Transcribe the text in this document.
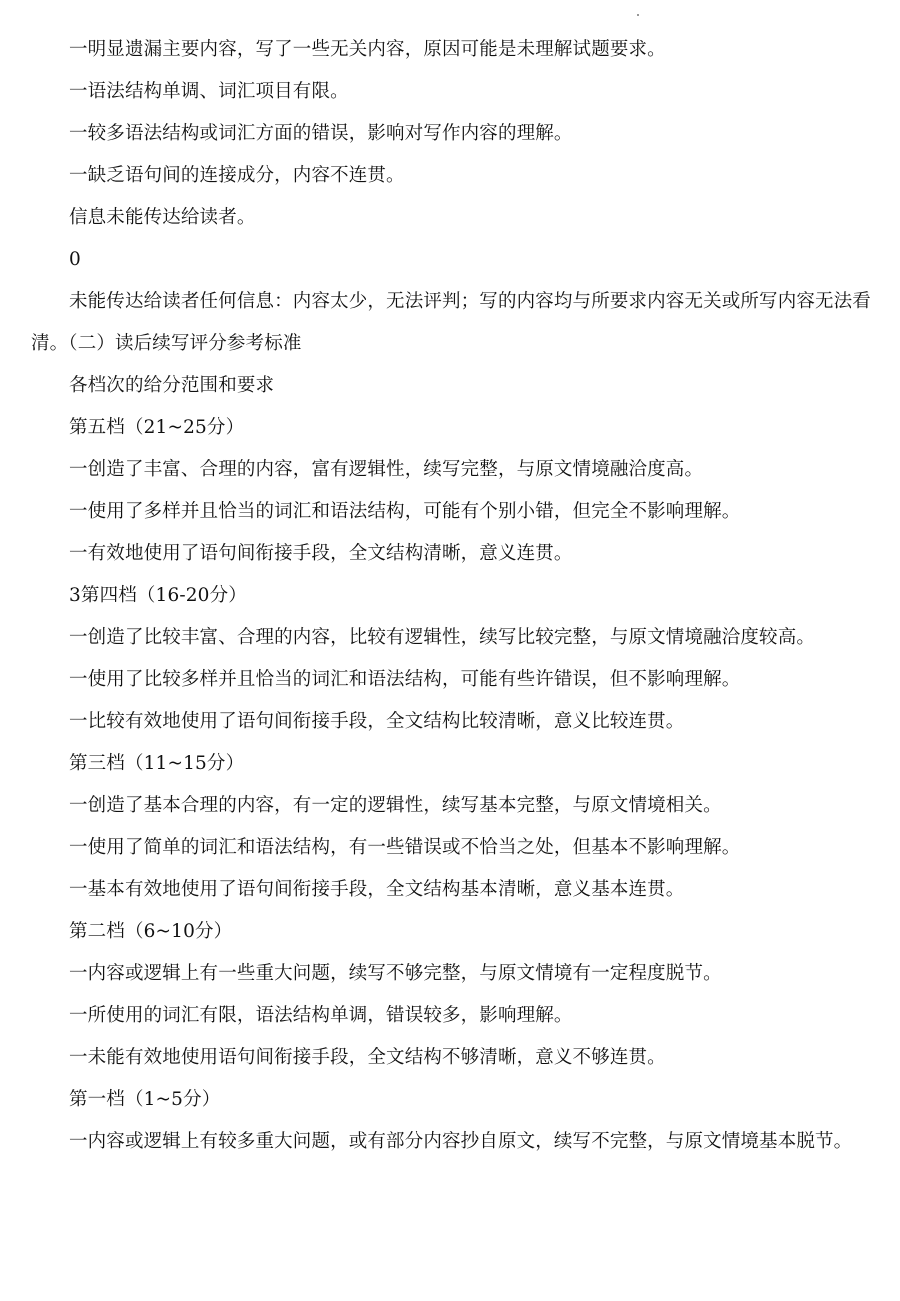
一明显遗漏主要内容，写了一些无关内容，原因可能是未理解试题要求。

一语法结构单调、词汇项目有限。

一较多语法结构或词汇方面的错误，影响对写作内容的理解。

一缺乏语句间的连接成分，内容不连贯。

信息未能传达给读者。

0

未能传达给读者任何信息：内容太少，无法评判；写的内容均与所要求内容无关或所写内容无法看清。（二）读后续写评分参考标准

各档次的给分范围和要求

第五档（21~25分）

一创造了丰富、合理的内容，富有逻辑性，续写完整，与原文情境融洽度高。

一使用了多样并且恰当的词汇和语法结构，可能有个别小错，但完全不影响理解。

一有效地使用了语句间衔接手段，全文结构清晰，意义连贯。

3第四档（16-20分）

一创造了比较丰富、合理的内容，比较有逻辑性，续写比较完整，与原文情境融洽度较高。

一使用了比较多样并且恰当的词汇和语法结构，可能有些许错误，但不影响理解。

一比较有效地使用了语句间衔接手段，全文结构比较清晰，意义比较连贯。

第三档（11~15分）

一创造了基本合理的内容，有一定的逻辑性，续写基本完整，与原文情境相关。

一使用了简单的词汇和语法结构，有一些错误或不恰当之处，但基本不影响理解。

一基本有效地使用了语句间衔接手段，全文结构基本清晰，意义基本连贯。

第二档（6~10分）

一内容或逻辑上有一些重大问题，续写不够完整，与原文情境有一定程度脱节。

一所使用的词汇有限，语法结构单调，错误较多，影响理解。

一未能有效地使用语句间衔接手段，全文结构不够清晰，意义不够连贯。

第一档（1~5分）

一内容或逻辑上有较多重大问题，或有部分内容抄自原文，续写不完整，与原文情境基本脱节。
